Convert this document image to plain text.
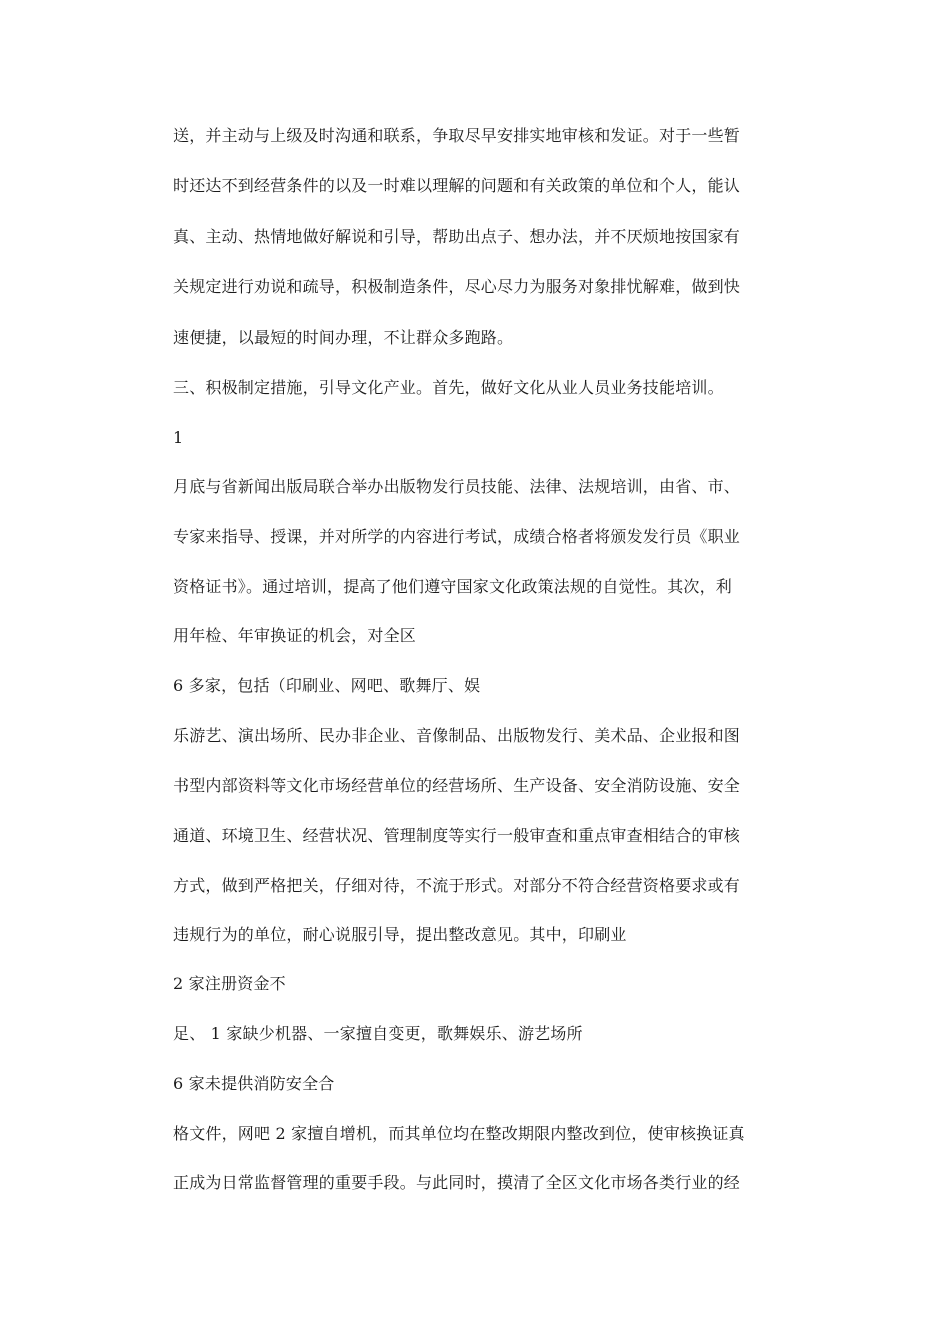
送，并主动与上级及时沟通和联系，争取尽早安排实地审核和发证。对于一些暂
时还达不到经营条件的以及一时难以理解的问题和有关政策的单位和个人，能认
真、主动、热情地做好解说和引导，帮助出点子、想办法，并不厌烦地按国家有
关规定进行劝说和疏导，积极制造条件，尽心尽力为服务对象排忧解难，做到快
速便捷，以最短的时间办理，不让群众多跑路。
三、积极制定措施，引导文化产业。首先，做好文化从业人员业务技能培训。
1
月底与省新闻出版局联合举办出版物发行员技能、法律、法规培训，由省、市、
专家来指导、授课，并对所学的内容进行考试，成绩合格者将颁发发行员《职业
资格证书》。通过培训，提高了他们遵守国家文化政策法规的自觉性。其次，利
用年检、年审换证的机会，对全区
6 多家，包括（印刷业、网吧、歌舞厅、娱
乐游艺、演出场所、民办非企业、音像制品、出版物发行、美术品、企业报和图
书型内部资料等文化市场经营单位的经营场所、生产设备、安全消防设施、安全
通道、环境卫生、经营状况、管理制度等实行一般审查和重点审查相结合的审核
方式，做到严格把关，仔细对待，不流于形式。对部分不符合经营资格要求或有
违规行为的单位，耐心说服引导，提出整改意见。其中，印刷业
2 家注册资金不
足、 1 家缺少机器、一家擅自变更，歌舞娱乐、游艺场所
6 家未提供消防安全合
格文件，网吧 2 家擅自增机，而其单位均在整改期限内整改到位，使审核换证真
正成为日常监督管理的重要手段。与此同时，摸清了全区文化市场各类行业的经
